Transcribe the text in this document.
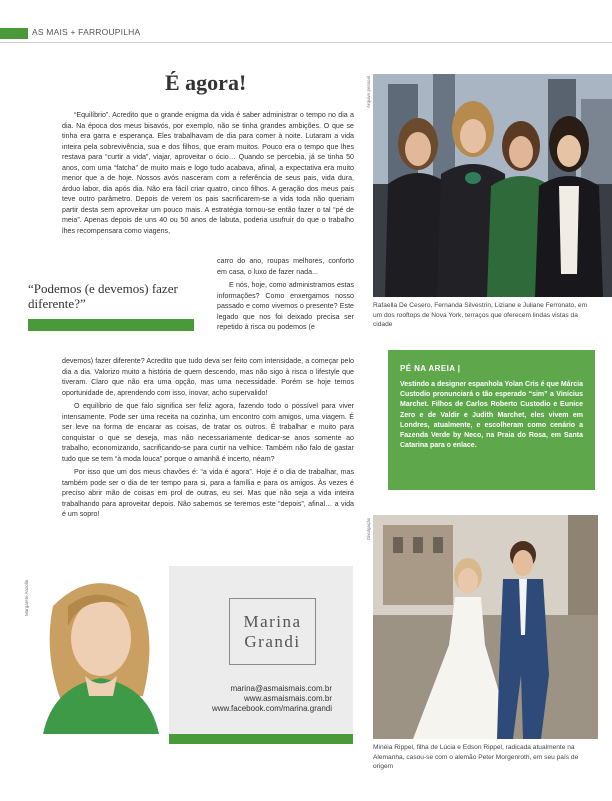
AS MAIS + FARROUPILHA
É agora!

“Equilíbrio”. Acredito que o grande enigma da vida é saber administrar o tempo no dia a dia. Na época dos meus bisavós, por exemplo, não se tinha grandes ambições. O que se tinha era garra e esperança. Eles trabalhavam de dia para comer à noite. Lutaram a vida inteira pela sobrevivência, sua e dos filhos, que eram muitos. Pouco era o tempo que lhes restava para “curtir a vida”, viajar, aproveitar o ócio… Quando se percebia, já se tinha 50 anos, com uma “fatcha” de muito mais e logo tudo acabava, afinal, a expectativa era muito menor que a de hoje. Nossos avós nasceram com a referência de seus pais, vida dura, árduo labor, dia após dia. Não era fácil criar quatro, cinco filhos. A geração dos meus pais teve outro parâmetro. Depois de verem os pais sacrificarem-se a vida toda não queriam partir desta sem aproveitar um pouco mais. A estratégia tornou-se então fazer o tal “pé de meia”. Apenas depois de uns 40 ou 50 anos de labuta, poderia usufruir do que o trabalho lhes recompensara como viagens,

“Podemos (e devemos) fazer diferente?”

carro do ano, roupas melhores, conforto em casa, o luxo de fazer nada...

E nós, hoje, como administramos estas informações? Como enxergamos nosso passado e como vivemos o presente? Este legado que nos foi deixado precisa ser repetido à risca ou podemos (e

devemos) fazer diferente? Acredito que tudo deva ser feito com intensidade, a começar pelo dia a dia. Valorizo muito a história de quem descendo, mas não sigo à risca o lifestyle que tiveram. Claro que não era uma opção, mas uma necessidade. Porém se hoje temos oportunidade de, aprendendo com isso, inovar, acho supervalido!

O equilíbrio de que falo significa ser feliz agora, fazendo todo o possível para viver intensamente. Pode ser uma receita na cozinha, um encontro com amigos, uma viagem. É ser leve na forma de encarar as coisas, de tratar os outros. É trabalhar e muito para conquistar o que se deseja, mas não necessariamente dedicar-se anos somente ao trabalho, economizando, sacrificando-se para curtir na velhice. Também não falo de gastar tudo que se tem “à moda louca” porque o amanhã é incerto, néam?

Por isso que um dos meus chavões é: “a vida é agora”. Hoje é o dia de trabalhar, mas também pode ser o dia de ter tempo para si, para a família e para os amigos. Às vezes é preciso abrir mão de coisas em prol de outras, eu sei. Mas que não seja a vida inteira trabalhando para aproveitar depois. Não sabemos se teremos este “depois”, afinal… a vida é um sopro!

Arquivo pessoal
Rafaella De Cesero, Fernanda Silvestrin, Liziane e Juliane Ferronato, em um dos rooftops de Nova York, terraços que oferecem lindas vistas da cidade
PÉ NA AREIA |
Vestindo a designer espanhola Yolan Cris é que Márcia Custodio pronunciará o tão esperado “sim” a Vinícius Marchet. Filhos de Carlos Roberto Custodio e Eunice Zero e de Valdir e Judith Marchet, eles vivem em Londres, atualmente, e escolheram como cenário a Fazenda Verde by Neco, na Praia do Rosa, em Santa Catarina para o enlace.
Divulgação
Minéia Rippel, filha de Lúcia e Edson Rippel, radicada atualmente na Alemanha, casou-se com o alemão Peter Morgenroth, em seu país de origem
Margarete Anzolin
Marina
Grandi
marina@asmaismais.com.br
www.asmaismais.com.br
www.facebook.com/marina.grandi
